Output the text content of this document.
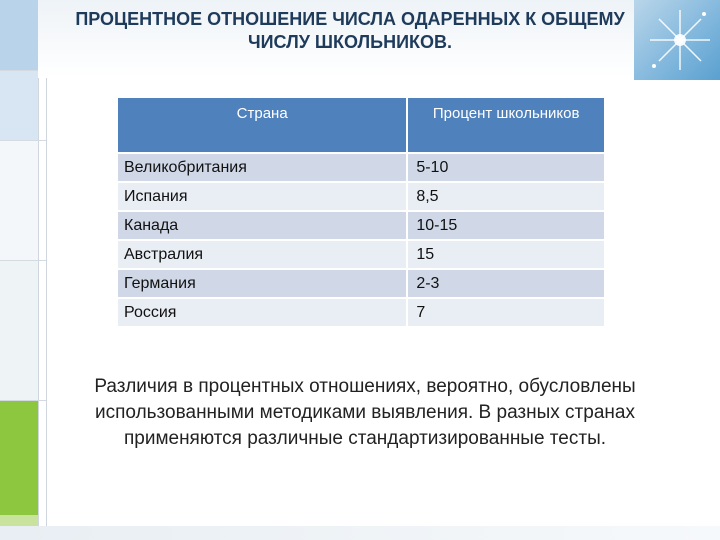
ПРОЦЕНТНОЕ ОТНОШЕНИЕ ЧИСЛА ОДАРЕННЫХ К ОБЩЕМУ ЧИСЛУ ШКОЛЬНИКОВ.
Страна	Процент школьников
Великобритания	5-10
Испания	8,5
Канада	10-15
Австралия	15
Германия	2-3
Россия	7

Различия в процентных отношениях, вероятно, обусловлены использованными методиками выявления. В разных странах применяются различные стандартизированные тесты.
